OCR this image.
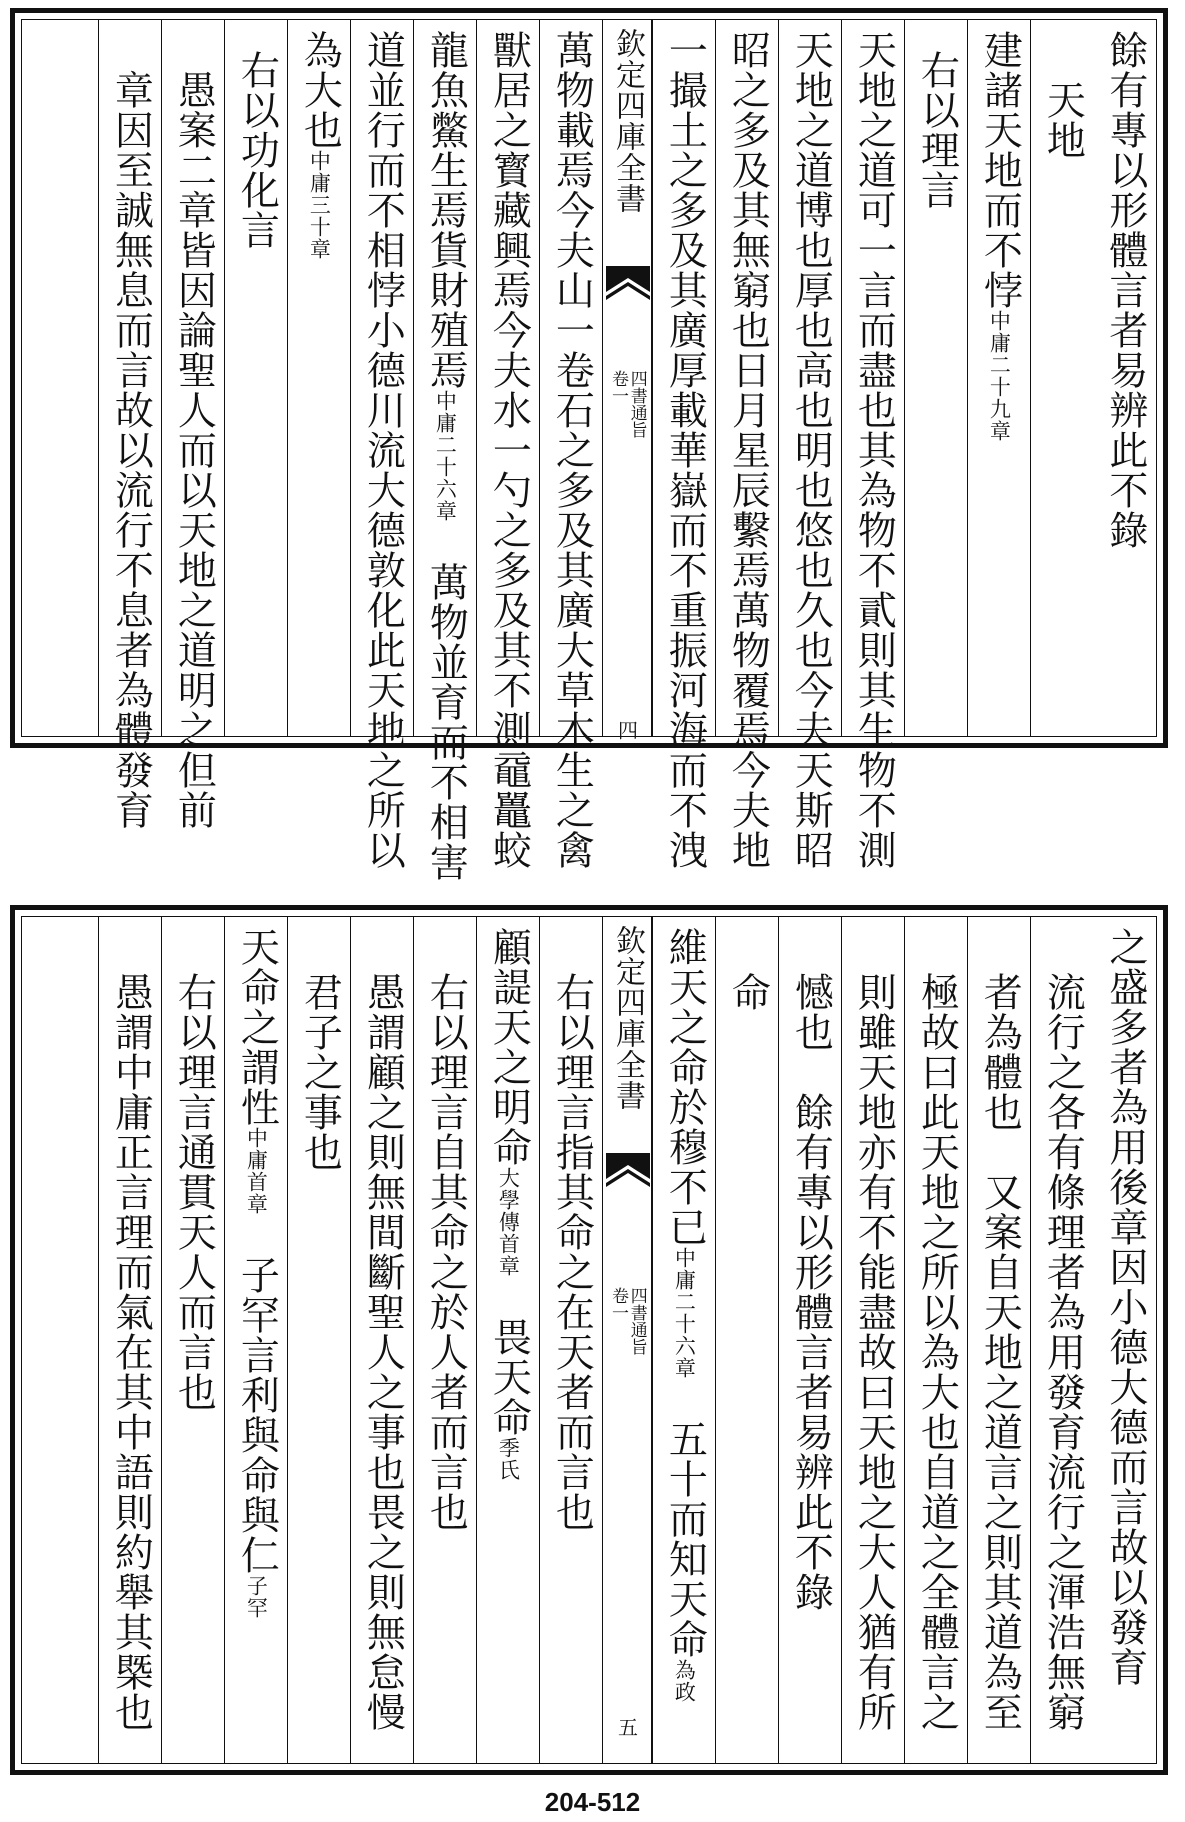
餘有專以形體言者易辨此不錄
天地
建諸天地而不悖中庸二十九章
右以理言
天地之道可一言而盡也其為物不貳則其生物不測
天地之道博也厚也高也明也悠也久也今夫天斯昭
昭之多及其無窮也日月星辰繫焉萬物覆焉今夫地
一撮土之多及其廣厚載華嶽而不重振河海而不洩
欽定四庫全書
四書通旨
卷一
四
萬物載焉今夫山一卷石之多及其廣大草木生之禽
獸居之寳藏興焉今夫水一勺之多及其不測黿鼉蛟
龍魚鱉生焉貨財殖焉中庸二十六章　萬物並育而不相害
道並行而不相悖小德川流大德敦化此天地之所以
為大也中庸三十章
右以功化言
愚案二章皆因論聖人而以天地之道明之但前
章因至誠無息而言故以流行不息者為體發育
之盛多者為用後章因小德大德而言故以發育
流行之各有條理者為用發育流行之渾浩無窮
者為體也　又案自天地之道言之則其道為至
極故曰此天地之所以為大也自道之全體言之
則雖天地亦有不能盡故曰天地之大人猶有所
憾也　餘有專以形體言者易辨此不錄
命
維天之命於穆不已中庸二十六章　五十而知天命為政
欽定四庫全書
四書通旨
卷一
五
右以理言指其命之在天者而言也
顧諟天之明命大學傳首章　畏天命季氏
右以理言自其命之於人者而言也
愚謂顧之則無間斷聖人之事也畏之則無怠慢
君子之事也
天命之謂性中庸首章　子罕言利與命與仁子罕
右以理言通貫天人而言也
愚謂中庸正言理而氣在其中語則約舉其槩也
204-512
